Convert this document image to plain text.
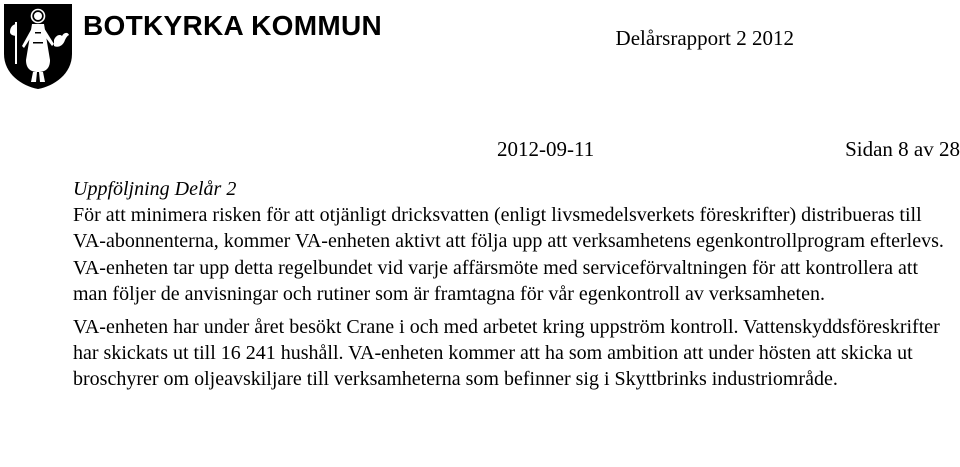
BOTKYRKA KOMMUN	Delårsrapport 2 2012
2012-09-11	Sidan 8 av 28
Uppföljning Delår 2

För att minimera risken för att otjänligt dricksvatten (enligt livsmedelsverkets föreskrifter) distribueras till VA-abonnenterna, kommer VA-enheten aktivt att följa upp att verksamhetens egenkontrollprogram efterlevs. VA-enheten tar upp detta regelbundet vid varje affärsmöte med serviceförvaltningen för att kontrollera att man följer de anvisningar och rutiner som är framtagna för vår egenkontroll av verksamheten.

VA-enheten har under året besökt Crane i och med arbetet kring uppström kontroll. Vattenskyddsföreskrifter har skickats ut till 16 241 hushåll. VA-enheten kommer att ha som ambition att under hösten att skicka ut broschyrer om oljeavskiljare till verksamheterna som befinner sig i Skyttbrinks industriområde.
